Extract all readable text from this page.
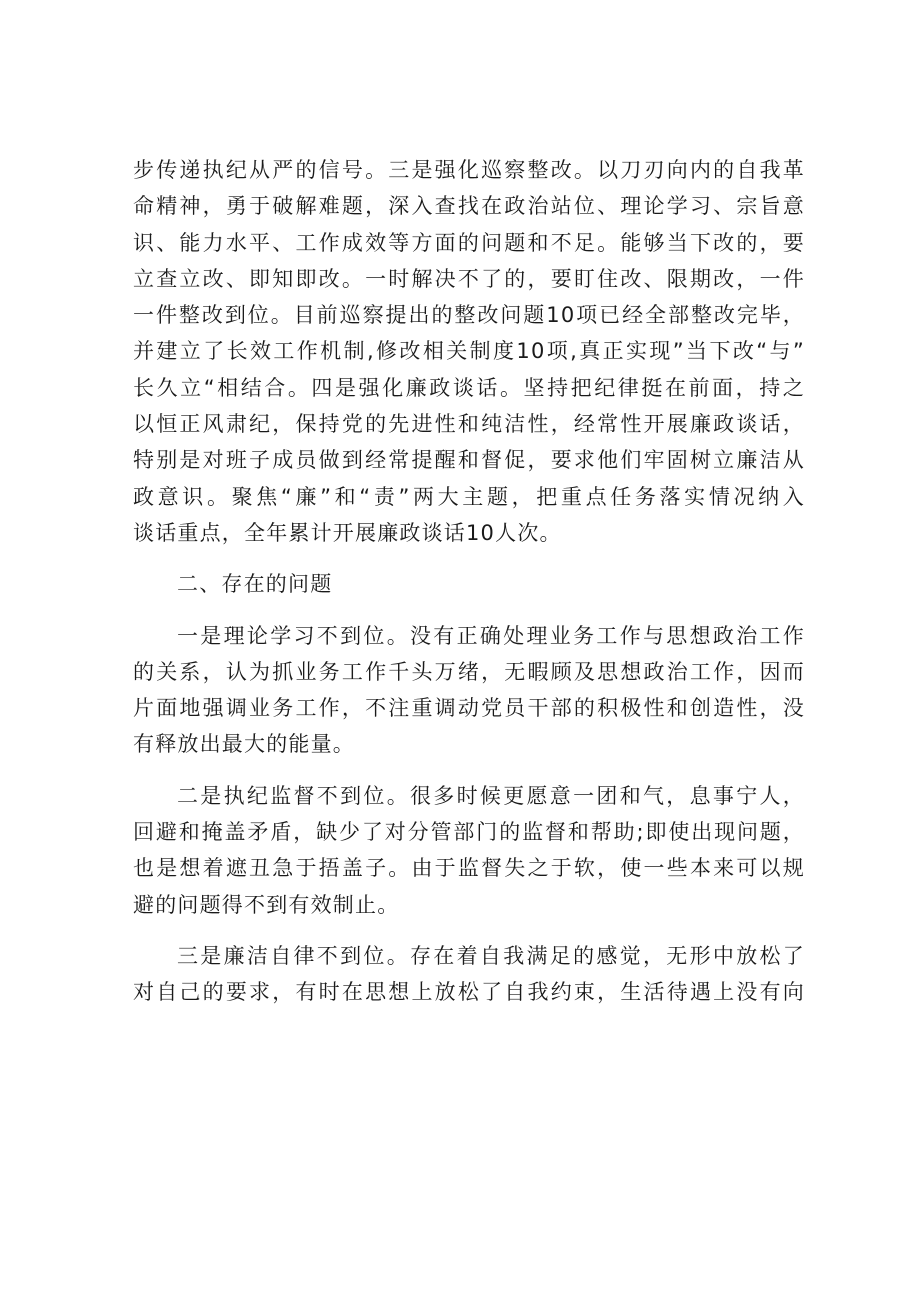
步传递执纪从严的信号。三是强化巡察整改。以刀刃向内的自我革
命精神，勇于破解难题，深入查找在政治站位、理论学习、宗旨意
识、能力水平、工作成效等方面的问题和不足。能够当下改的，要
立查立改、即知即改。一时解决不了的，要盯住改、限期改，一件
一件整改到位。目前巡察提出的整改问题10项已经全部整改完毕，
并建立了长效工作机制,修改相关制度10项,真正实现”当下改“与”
长久立“相结合。四是强化廉政谈话。坚持把纪律挺在前面，持之
以恒正风肃纪，保持党的先进性和纯洁性，经常性开展廉政谈话，
特别是对班子成员做到经常提醒和督促，要求他们牢固树立廉洁从
政意识。聚焦“廉”和“责”两大主题，把重点任务落实情况纳入
谈话重点，全年累计开展廉政谈话10人次。
二、存在的问题
一是理论学习不到位。没有正确处理业务工作与思想政治工作
的关系，认为抓业务工作千头万绪，无暇顾及思想政治工作，因而
片面地强调业务工作，不注重调动党员干部的积极性和创造性，没
有释放出最大的能量。
二是执纪监督不到位。很多时候更愿意一团和气，息事宁人，
回避和掩盖矛盾，缺少了对分管部门的监督和帮助;即使出现问题，
也是想着遮丑急于捂盖子。由于监督失之于软，使一些本来可以规
避的问题得不到有效制止。
三是廉洁自律不到位。存在着自我满足的感觉，无形中放松了
对自己的要求，有时在思想上放松了自我约束，生活待遇上没有向
